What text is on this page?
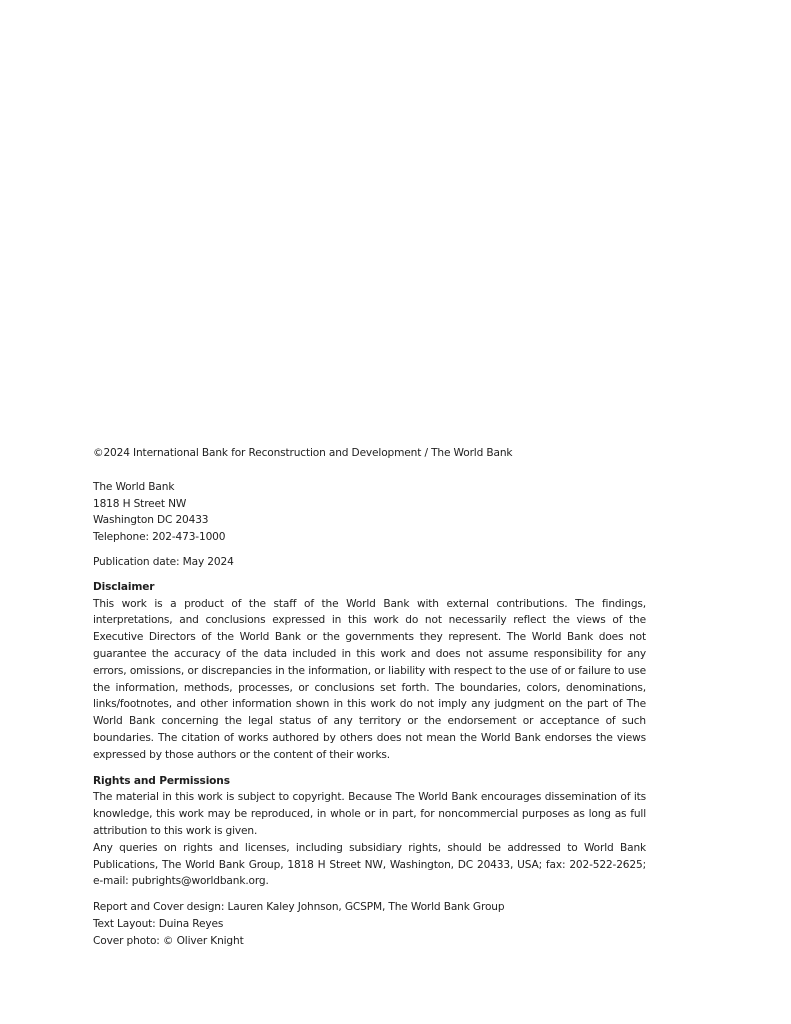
©2024 International Bank for Reconstruction and Development / The World Bank
The World Bank
1818 H Street NW
Washington DC 20433
Telephone: 202-473-1000
Publication date: May 2024
Disclaimer

This work is a product of the staff of the World Bank with external contributions. The findings, interpretations, and conclusions expressed in this work do not necessarily reflect the views of the Executive Directors of the World Bank or the governments they represent. The World Bank does not guarantee the accuracy of the data included in this work and does not assume responsibility for any errors, omissions, or discrepancies in the information, or liability with respect to the use of or failure to use the information, methods, processes, or conclusions set forth. The boundaries, colors, denominations, links/footnotes, and other information shown in this work do not imply any judgment on the part of The World Bank concerning the legal status of any territory or the endorsement or acceptance of such boundaries. The citation of works authored by others does not mean the World Bank endorses the views expressed by those authors or the content of their works.

Rights and Permissions

The material in this work is subject to copyright. Because The World Bank encourages dissemination of its knowledge, this work may be reproduced, in whole or in part, for noncommercial purposes as long as full attribution to this work is given.

Any queries on rights and licenses, including subsidiary rights, should be addressed to World Bank Publications, The World Bank Group, 1818 H Street NW, Washington, DC 20433, USA; fax: 202-522-2625; e-mail: pubrights@worldbank.org.

Report and Cover design: Lauren Kaley Johnson, GCSPM, The World Bank Group
Text Layout: Duina Reyes
Cover photo: © Oliver Knight
